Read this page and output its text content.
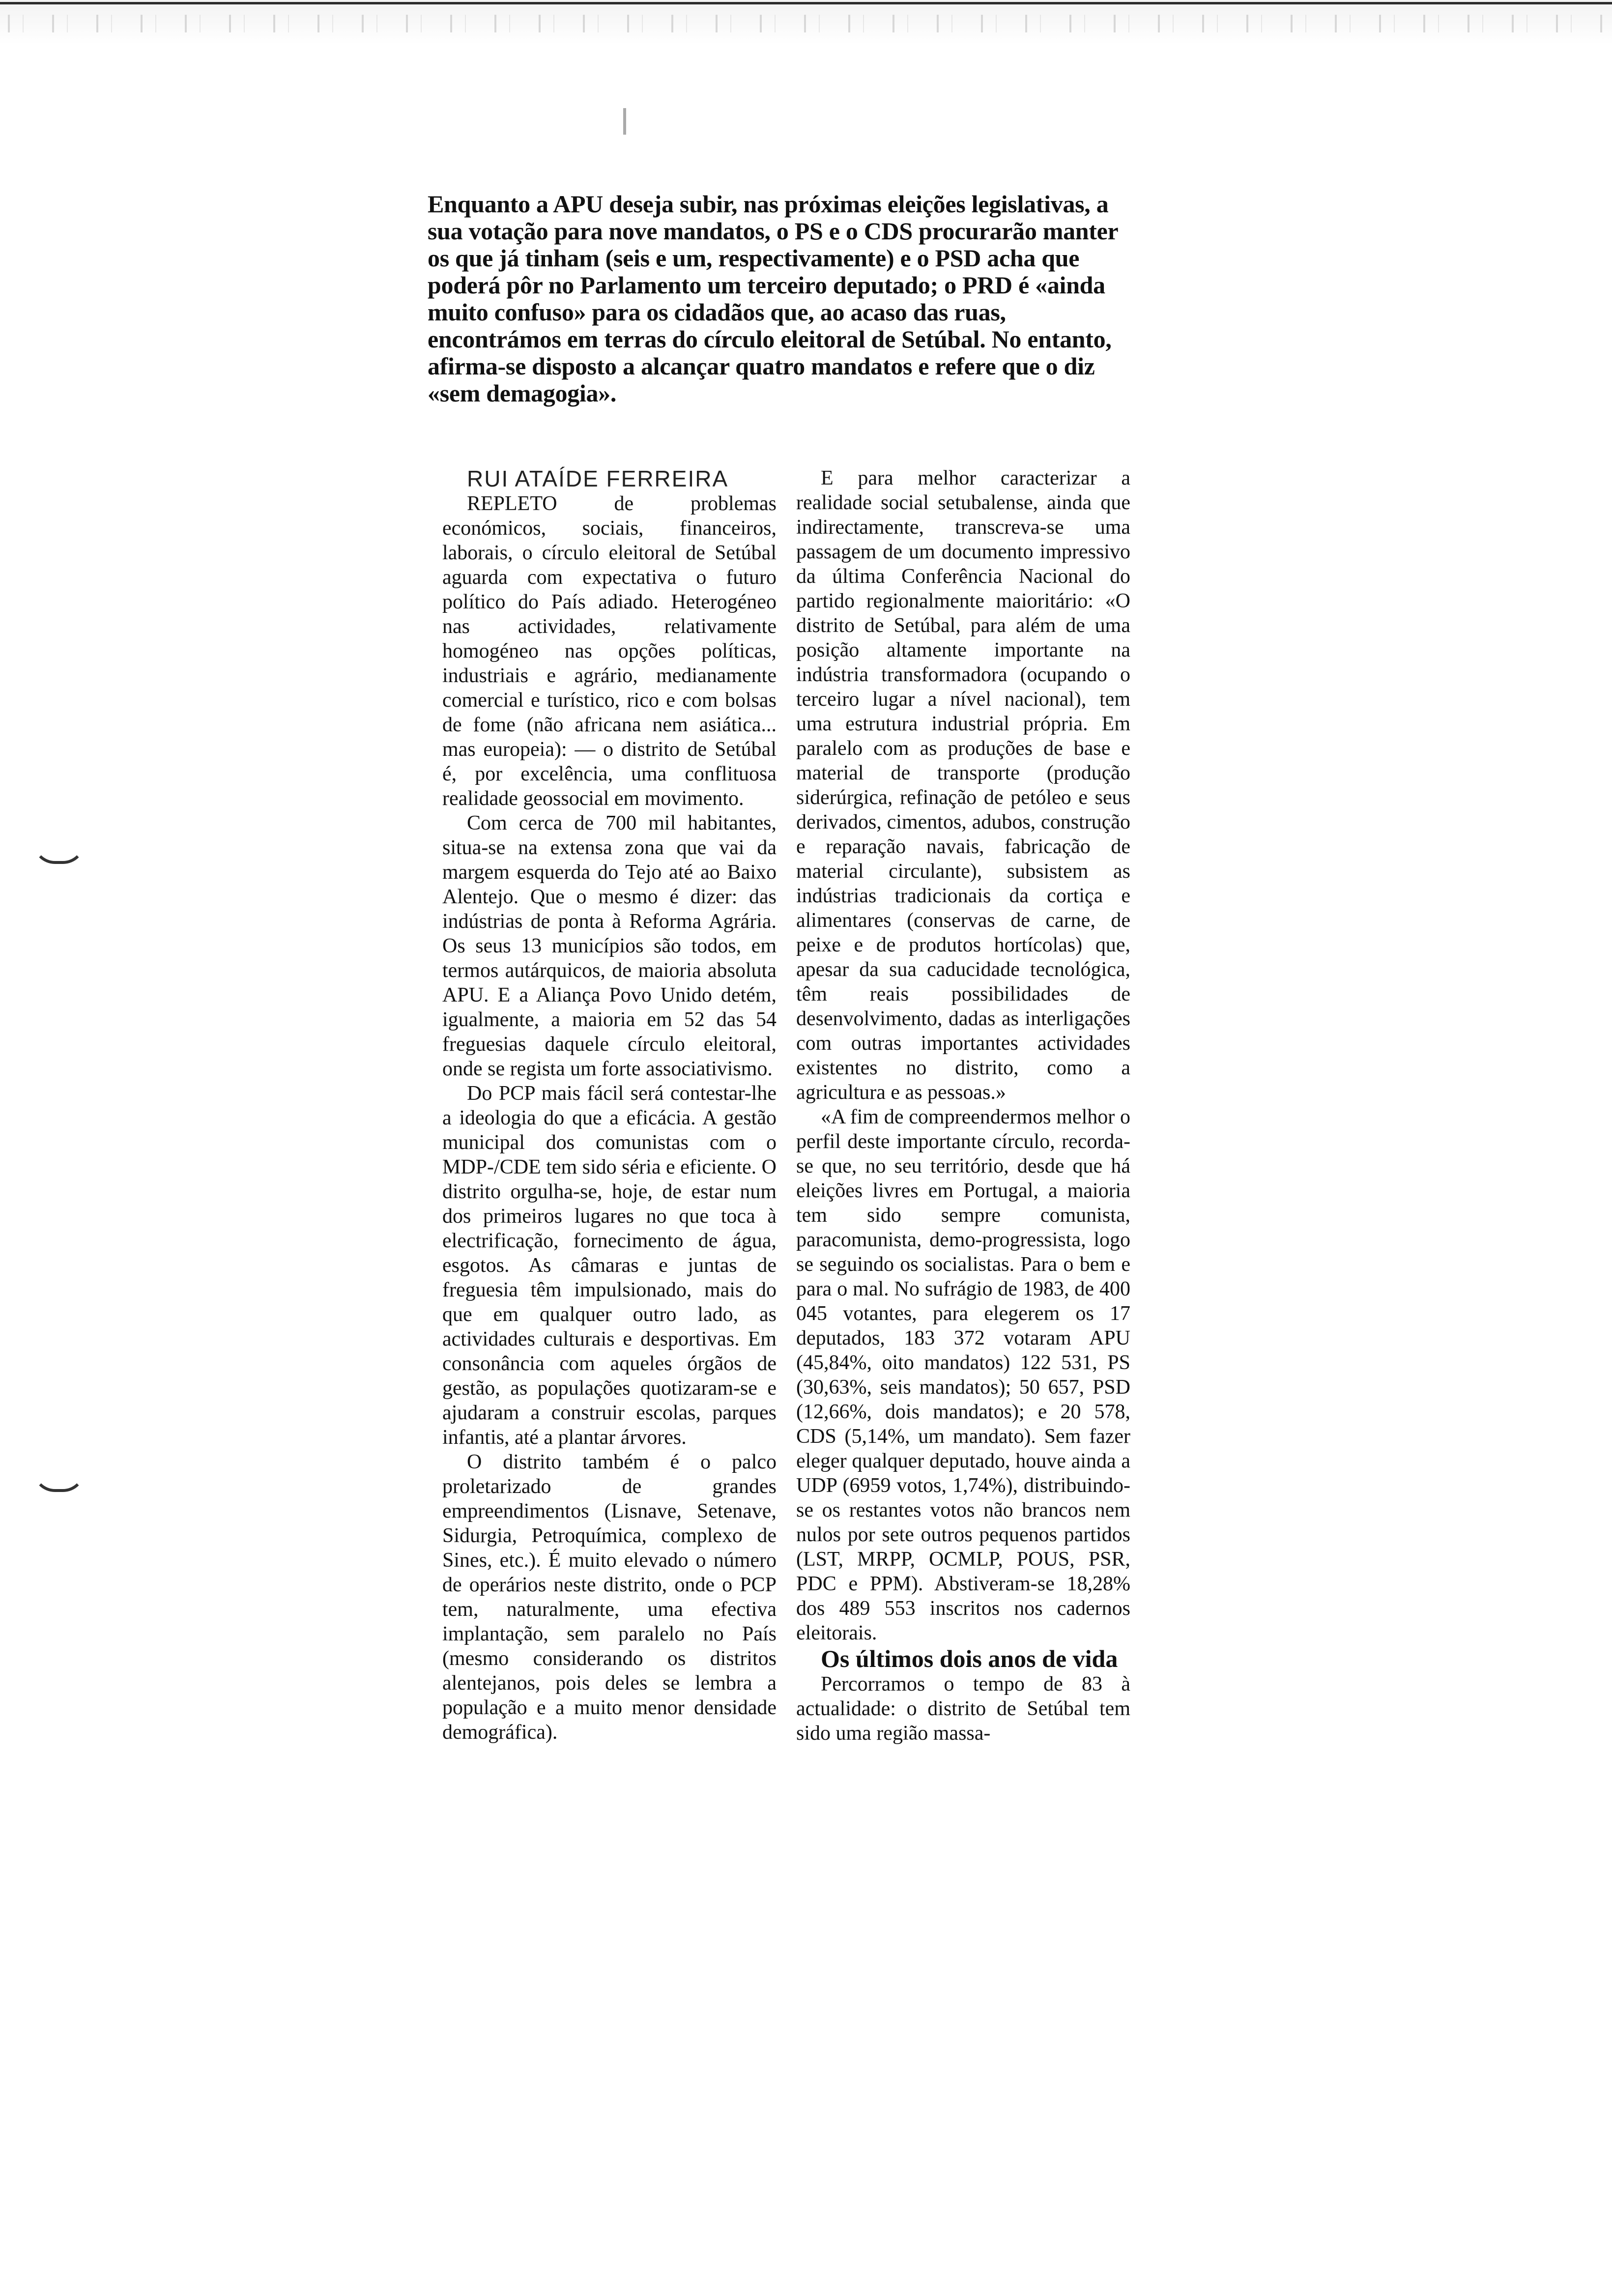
Enquanto a APU deseja subir, nas próximas eleições legislativas, a sua votação para nove mandatos, o PS e o CDS procurarão manter os que já tinham (seis e um, respectivamente) e o PSD acha que poderá pôr no Parlamento um terceiro deputado; o PRD é «ainda muito confuso» para os cidadãos que, ao acaso das ruas, encontrámos em terras do círculo eleitoral de Setúbal. No entanto, afirma-se disposto a alcançar quatro mandatos e refere que o diz «sem demagogia».

RUI ATAÍDE FERREIRA

REPLETO de problemas económicos, sociais, financeiros, laborais, o círculo eleitoral de Setúbal aguarda com expectativa o futuro político do País adiado. Heterogéneo nas actividades, relativamente homogéneo nas opções políticas, industriais e agrário, medianamente comercial e turístico, rico e com bolsas de fome (não africana nem asiática... mas europeia): — o distrito de Setúbal é, por excelência, uma conflituosa realidade geossocial em movimento.

Com cerca de 700 mil habitantes, situa-se na extensa zona que vai da margem esquerda do Tejo até ao Baixo Alentejo. Que o mesmo é dizer: das indústrias de ponta à Reforma Agrária. Os seus 13 municípios são todos, em termos autárquicos, de maioria absoluta APU. E a Aliança Povo Unido detém, igualmente, a maioria em 52 das 54 freguesias daquele círculo eleitoral, onde se regista um forte associativismo.

Do PCP mais fácil será contestar-lhe a ideologia do que a eficácia. A gestão municipal dos comunistas com o MDP-/CDE tem sido séria e eficiente. O distrito orgulha-se, hoje, de estar num dos primeiros lugares no que toca à electrificação, fornecimento de água, esgotos. As câmaras e juntas de freguesia têm impulsionado, mais do que em qualquer outro lado, as actividades culturais e desportivas. Em consonância com aqueles órgãos de gestão, as populações quotizaram-se e ajudaram a construir escolas, parques infantis, até a plantar árvores.

O distrito também é o palco proletarizado de grandes empreendimentos (Lisnave, Setenave, Sidurgia, Petroquímica, complexo de Sines, etc.). É muito elevado o número de operários neste distrito, onde o PCP tem, naturalmente, uma efectiva implantação, sem paralelo no País (mesmo considerando os distritos alentejanos, pois deles se lembra a população e a muito menor densidade demográfica).

E para melhor caracterizar a realidade social setubalense, ainda que indirectamente, transcreva-se uma passagem de um documento impressivo da última Conferência Nacional do partido regionalmente maioritário: «O distrito de Setúbal, para além de uma posição altamente importante na indústria transformadora (ocupando o terceiro lugar a nível nacional), tem uma estrutura industrial própria. Em paralelo com as produções de base e material de transporte (produção siderúrgica, refinação de petóleo e seus derivados, cimentos, adubos, construção e reparação navais, fabricação de material circulante), subsistem as indústrias tradicionais da cortiça e alimentares (conservas de carne, de peixe e de produtos hortícolas) que, apesar da sua caducidade tecnológica, têm reais possibilidades de desenvolvimento, dadas as interligações com outras importantes actividades existentes no distrito, como a agricultura e as pessoas.»

«A fim de compreendermos melhor o perfil deste importante círculo, recorda-se que, no seu território, desde que há eleições livres em Portugal, a maioria tem sido sempre comunista, paracomunista, demo-progressista, logo se seguindo os socialistas. Para o bem e para o mal. No sufrágio de 1983, de 400 045 votantes, para elegerem os 17 deputados, 183 372 votaram APU (45,84%, oito mandatos) 122 531, PS (30,63%, seis mandatos); 50 657, PSD (12,66%, dois mandatos); e 20 578, CDS (5,14%, um mandato). Sem fazer eleger qualquer deputado, houve ainda a UDP (6959 votos, 1,74%), distribuindo-se os restantes votos não brancos nem nulos por sete outros pequenos partidos (LST, MRPP, OCMLP, POUS, PSR, PDC e PPM). Abstiveram-se 18,28% dos 489 553 inscritos nos cadernos eleitorais.

Os últimos dois anos de vida

Percorramos o tempo de 83 à actualidade: o distrito de Setúbal tem sido uma região massa-
